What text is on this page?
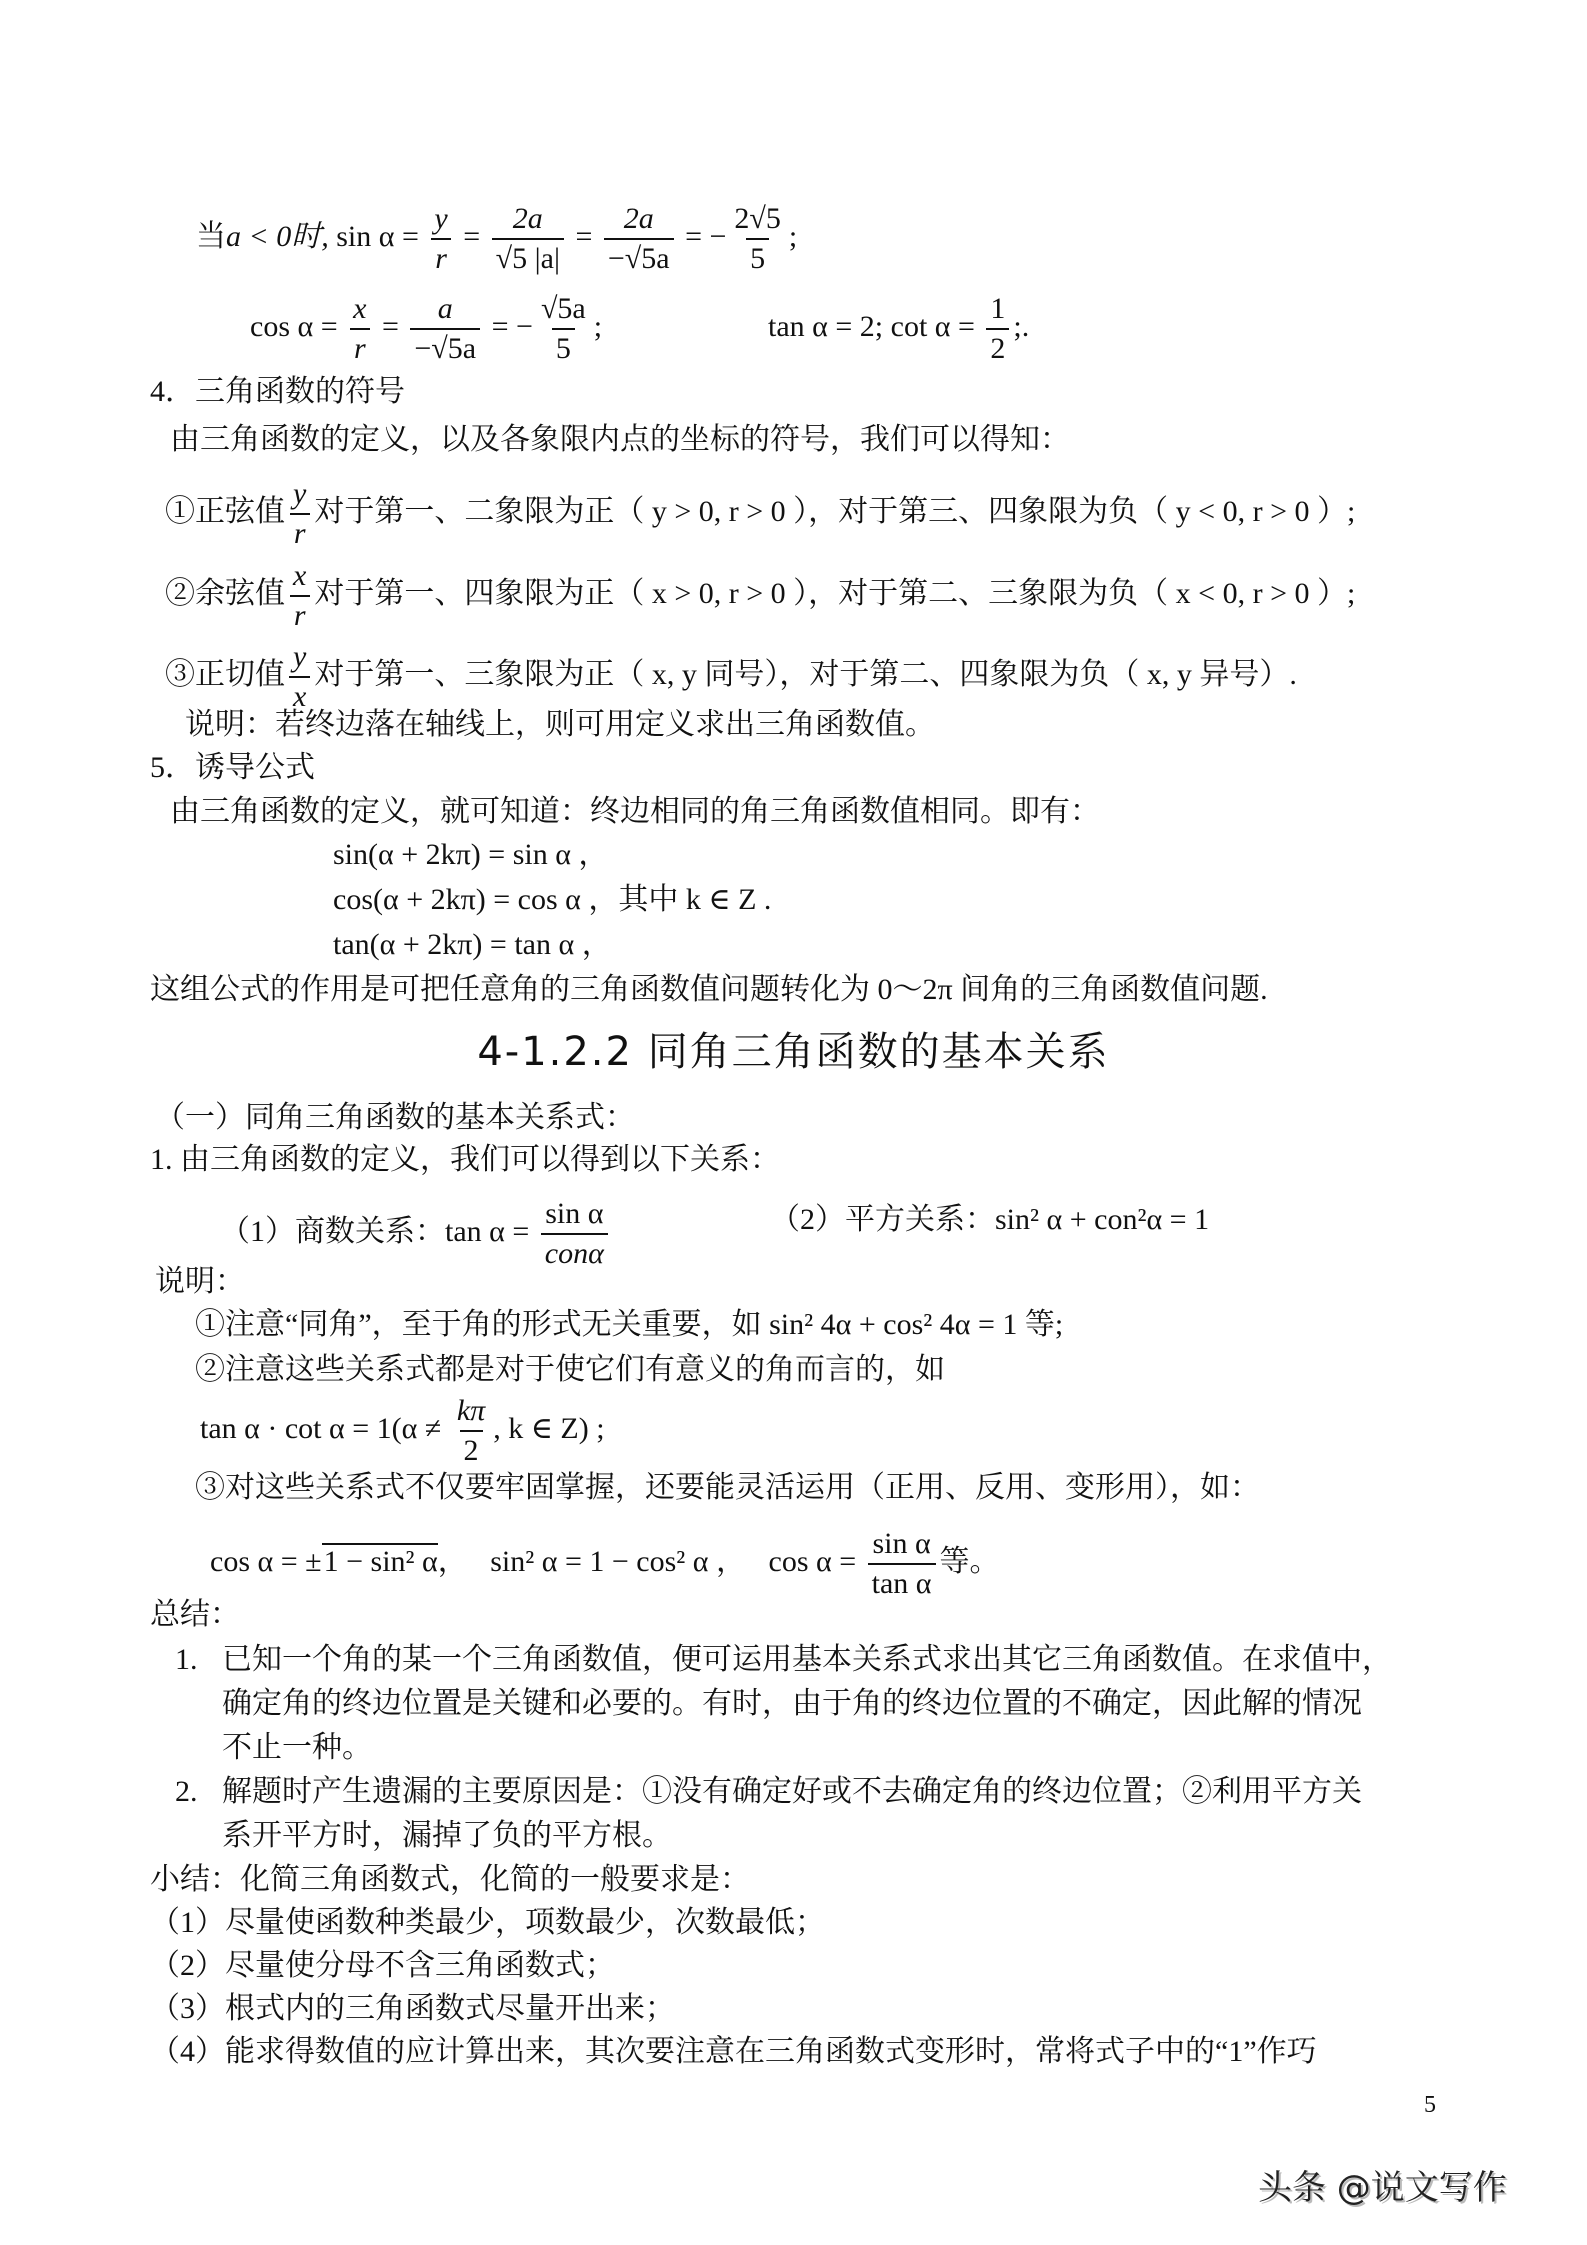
当a < 0时, $\sin \alpha = \frac{y}{r} = \frac{2a}{√5 |a|} = \frac{2a}{-√5a}$ = − $\frac{2√5}{5}$ ;
$\cos \alpha = \frac{x}{r} = \frac{a}{-√5a}$ = − $\frac{√5a}{5}$ ;	tan α = 2; $\cot \alpha = \frac{1}{2}$ ;.
4．三角函数的符号
由三角函数的定义，以及各象限内点的坐标的符号，我们可以得知：
①正弦值 $\frac{y}{r}$ 对于第一、二象限为正（ y > 0, r > 0 ），对于第三、四象限为负（ y < 0, r > 0 ）;
②余弦值 $\frac{x}{r}$ 对于第一、四象限为正（ x > 0, r > 0 ），对于第二、三象限为负（ x < 0, r > 0 ）;
③正切值 $\frac{y}{x}$ 对于第一、三象限为正（ x, y 同号），对于第二、四象限为负（ x, y 异号）.
说明：若终边落在轴线上，则可用定义求出三角函数值。
5．诱导公式
由三角函数的定义，就可知道：终边相同的角三角函数值相同。即有：
sin(α + 2kπ) = sin α ，
cos(α + 2kπ) = cos α ，其中 k ∈ Z .
tan(α + 2kπ) = tan α ，
这组公式的作用是可把任意角的三角函数值问题转化为 0～2π 间角的三角函数值问题.
4-1.2.2 同角三角函数的基本关系
（一）同角三角函数的基本关系式：
1. 由三角函数的定义，我们可以得到以下关系：
（1）商数关系：$\tan \alpha = \frac{\text{sin α}}{\text{conα}}$	（2）平方关系：sin² α + con²α = 1
说明：
①注意“同角”，至于角的形式无关重要，如 sin² 4α + cos² 4α = 1 等;
②注意这些关系式都是对于使它们有意义的角而言的，如
$\tan \alpha \cdot \cot \alpha = 1(\alpha \ne \frac{k\pi}{2}$ , k ∈ Z) ;
③对这些关系式不仅要牢固掌握，还要能灵活运用（正用、反用、变形用），如：
cos α = ±1 − sin² α， sin² α = 1 − cos² α ， $\cos \alpha = \frac{\text{sin α}}{\text{tan α}}$ 等。
总结：
1. 已知一个角的某一个三角函数值，便可运用基本关系式求出其它三角函数值。在求值中，
确定角的终边位置是关键和必要的。有时，由于角的终边位置的不确定，因此解的情况
不止一种。
2. 解题时产生遗漏的主要原因是：①没有确定好或不去确定角的终边位置；②利用平方关
系开平方时，漏掉了负的平方根。
小结：化简三角函数式，化简的一般要求是：
（1）尽量使函数种类最少，项数最少，次数最低；
（2）尽量使分母不含三角函数式；
（3）根式内的三角函数式尽量开出来；
（4）能求得数值的应计算出来，其次要注意在三角函数式变形时，常将式子中的“1”作巧
5
头条 @说文写作
